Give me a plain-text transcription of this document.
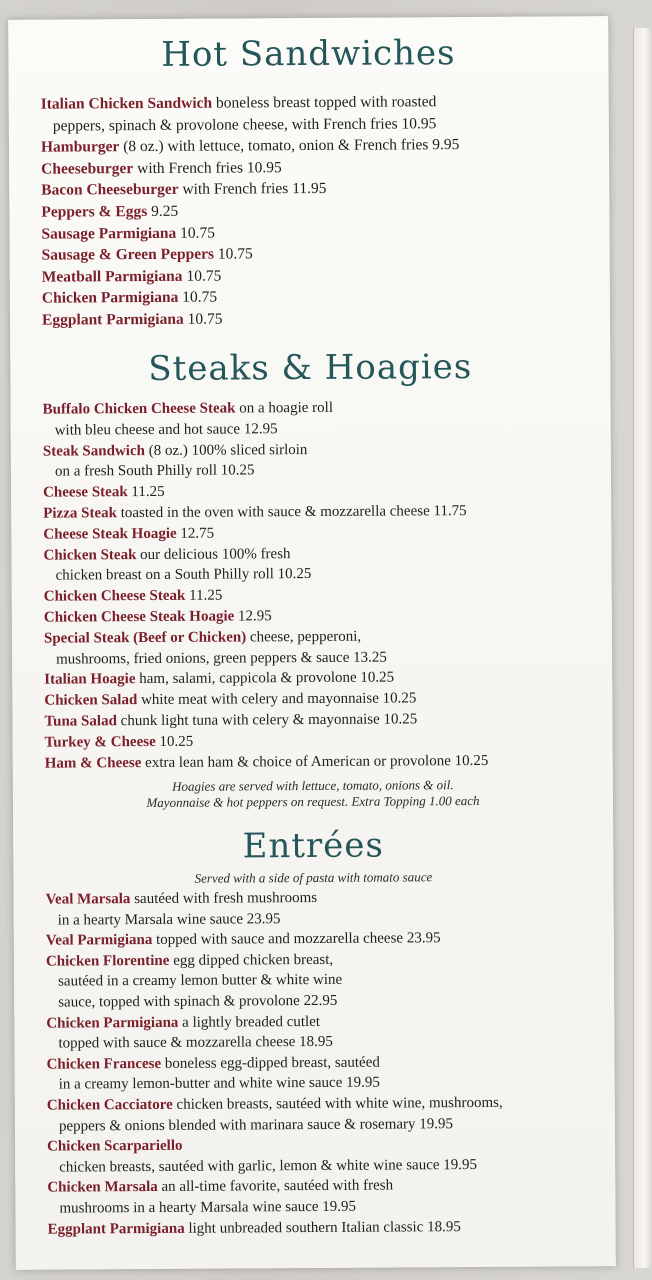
Hot Sandwiches
Italian Chicken Sandwich boneless breast topped with roasted
peppers, spinach & provolone cheese, with French fries 10.95
Hamburger (8 oz.) with lettuce, tomato, onion & French fries 9.95
Cheeseburger with French fries 10.95
Bacon Cheeseburger with French fries 11.95
Peppers & Eggs 9.25
Sausage Parmigiana 10.75
Sausage & Green Peppers 10.75
Meatball Parmigiana 10.75
Chicken Parmigiana 10.75
Eggplant Parmigiana 10.75
Steaks & Hoagies
Buffalo Chicken Cheese Steak on a hoagie roll
with bleu cheese and hot sauce 12.95
Steak Sandwich (8 oz.) 100% sliced sirloin
on a fresh South Philly roll 10.25
Cheese Steak 11.25
Pizza Steak toasted in the oven with sauce & mozzarella cheese 11.75
Cheese Steak Hoagie 12.75
Chicken Steak our delicious 100% fresh
chicken breast on a South Philly roll 10.25
Chicken Cheese Steak 11.25
Chicken Cheese Steak Hoagie 12.95
Special Steak (Beef or Chicken) cheese, pepperoni,
mushrooms, fried onions, green peppers & sauce 13.25
Italian Hoagie ham, salami, cappicola & provolone 10.25
Chicken Salad white meat with celery and mayonnaise 10.25
Tuna Salad chunk light tuna with celery & mayonnaise 10.25
Turkey & Cheese 10.25
Ham & Cheese extra lean ham & choice of American or provolone 10.25
Hoagies are served with lettuce, tomato, onions & oil.
Mayonnaise & hot peppers on request. Extra Topping 1.00 each
Entrées
Served with a side of pasta with tomato sauce
Veal Marsala sautéed with fresh mushrooms
in a hearty Marsala wine sauce 23.95
Veal Parmigiana topped with sauce and mozzarella cheese 23.95
Chicken Florentine egg dipped chicken breast,
sautéed in a creamy lemon butter & white wine
sauce, topped with spinach & provolone 22.95
Chicken Parmigiana a lightly breaded cutlet
topped with sauce & mozzarella cheese 18.95
Chicken Francese boneless egg-dipped breast, sautéed
in a creamy lemon-butter and white wine sauce 19.95
Chicken Cacciatore chicken breasts, sautéed with white wine, mushrooms,
peppers & onions blended with marinara sauce & rosemary 19.95
Chicken Scarpariello
chicken breasts, sautéed with garlic, lemon & white wine sauce 19.95
Chicken Marsala an all-time favorite, sautéed with fresh
mushrooms in a hearty Marsala wine sauce 19.95
Eggplant Parmigiana light unbreaded southern Italian classic 18.95
